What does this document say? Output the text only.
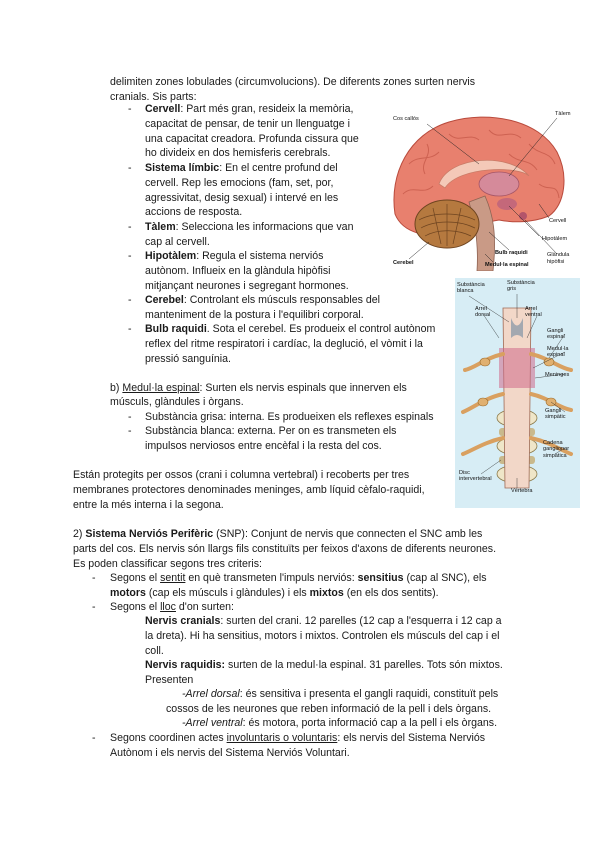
delimiten zones lobulades (circumvolucions). De diferents zones surten nervis
cranials. Sis parts:
- Cervell: Part més gran, resideix la memòria,
capacitat de pensar, de tenir un llenguatge i
una capacitat creadora. Profunda cissura que
ho divideix en dos hemisferis cerebrals.
- Sistema límbic: En el centre profund del
cervell. Rep les emocions (fam, set, por,
agressivitat, desig sexual) i intervé en les
accions de resposta.
- Tàlem: Selecciona les informacions que van
cap al cervell.
- Hipotàlem: Regula el sistema nerviós
autònom. Influeix en la glàndula hipòfisi
mitjançant neurones i segregant hormones.
- Cerebel: Controlant els músculs responsables del
manteniment de la postura i l'equilibri corporal.
- Bulb raquidi. Sota el cerebel. Es produeix el control autònom
reflex del ritme respiratori i cardíac, la deglució, el vòmit i la
pressió sanguínia.
b) Medul·la espinal: Surten els nervis espinals que innerven els
músculs, glàndules i òrgans.
- Substància grisa: interna. Es produeixen els reflexes espinals
- Substància blanca: externa. Per on es transmeten els
impulsos nerviosos entre encèfal i la resta del cos.
Están protegits per ossos (crani i columna vertebral) i recoberts per tres
membranes protectores denominades meninges, amb líquid cèfalo-raquidi,
entre la més interna i la segona.
2) Sistema Nerviós Perifèric (SNP): Conjunt de nervis que connecten el SNC amb les
parts del cos. Els nervis són llargs fils constituïts per feixos d'axons de diferents neurones.
Es poden classificar segons tres criteris:
- Segons el sentit en què transmeten l'impuls nerviós: sensitius (cap al SNC), els
motors (cap els músculs i glàndules) i els mixtos (en els dos sentits).
- Segons el lloc d'on surten:
Nervis cranials: surten del crani. 12 parelles (12 cap a l'esquerra i 12 cap a
la dreta). Hi ha sensitius, motors i mixtos. Controlen els músculs del cap i el
coll.
Nervis raquidis: surten de la medul·la espinal. 31 parelles. Tots són mixtos.
Presenten
-Arrel dorsal: és sensitiva i presenta el gangli raquidi, constituït pels
cossos de les neurones que reben informació de la pell i dels òrgans.
-Arrel ventral: és motora, porta informació cap a la pell i els òrgans.
- Segons coordinen actes involuntaris o voluntaris: els nervis del Sistema Nerviós
Autònom i els nervis del Sistema Nerviós Voluntari.
Cos callós
Tàlem
Cervell
Hipotàlem
Glàndula
hipòfisi
Bulb raquidi
Medul·la espinal
Cerebel
Substància
blanca
Substància
gris
Arrel
dorsal
Arrel
ventral
Gangli
espinal
Medul·la
espinal
Meninges
Gangli
simpàtic
Cadena
ganglionar
simpàtica
Disc
intervertebral
Vèrtebra
